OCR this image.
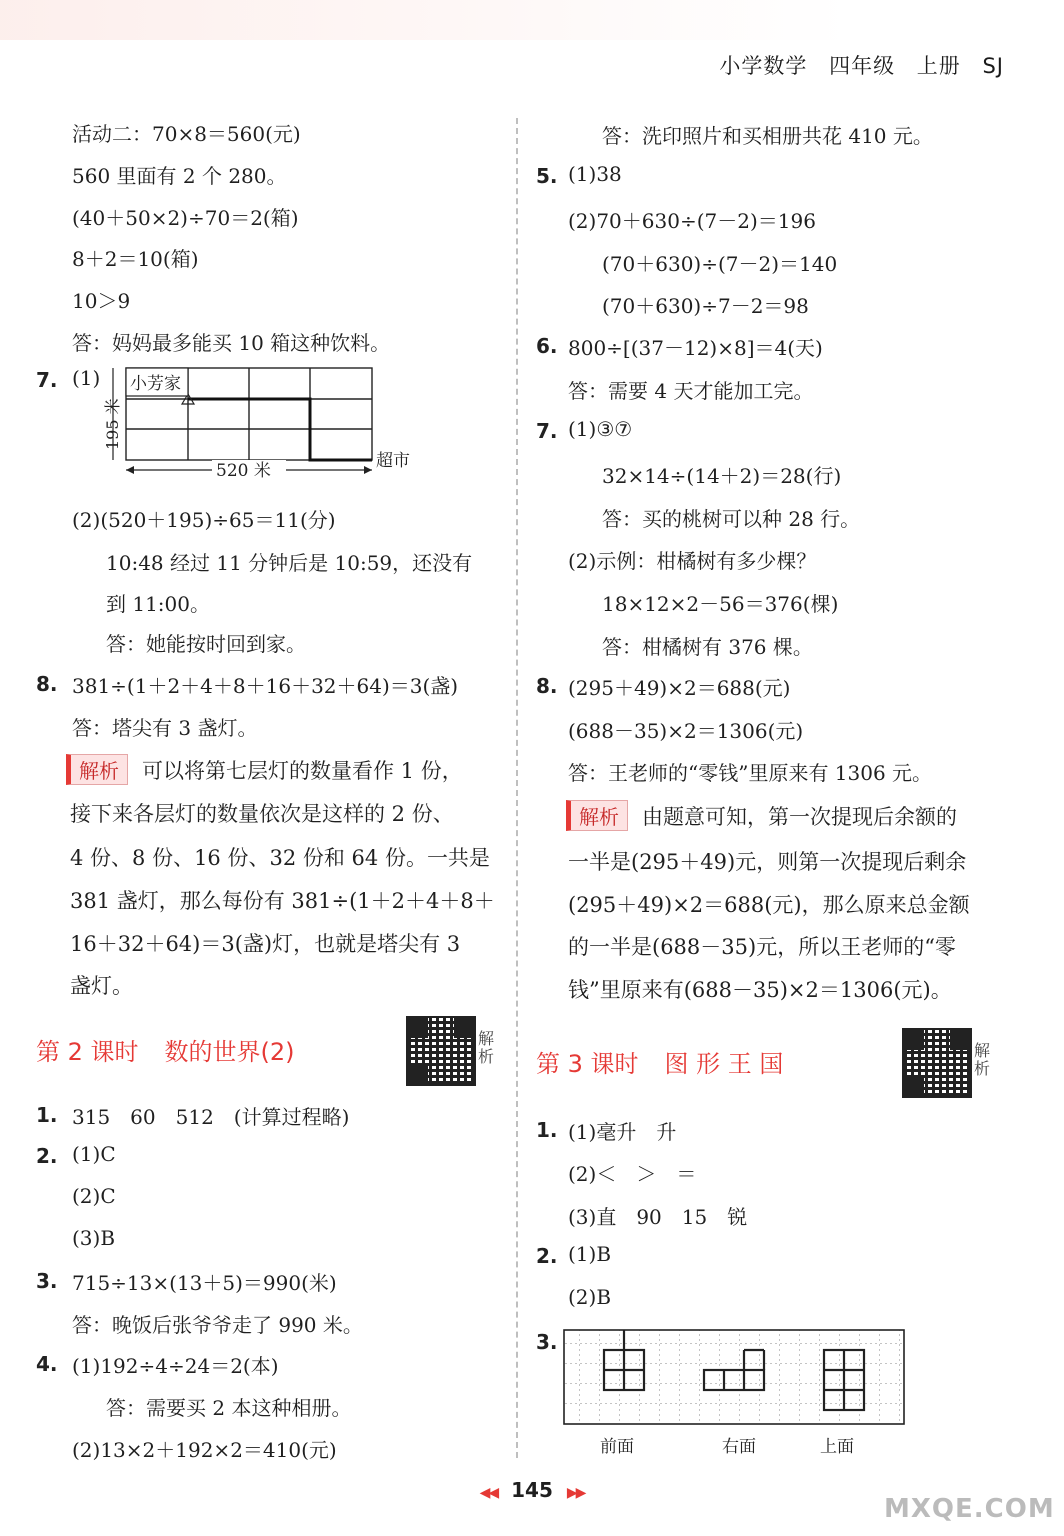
小学数学 四年级 上册 SJ
活动二：70×8＝560(元)
560 里面有 2 个 280。
(40＋50×2)÷70＝2(箱)
8＋2＝10(箱)
10＞9
答：妈妈最多能买 10 箱这种饮料。
7. (1) 小芳家
195 米
520 米	超市
(2)(520＋195)÷65＝11(分)
10:48 经过 11 分钟后是 10:59，还没有
到 11:00。
答：她能按时回到家。
8. 381÷(1＋2＋4＋8＋16＋32＋64)＝3(盏)
答：塔尖有 3 盏灯。
解析 可以将第七层灯的数量看作 1 份，
接下来各层灯的数量依次是这样的 2 份、
4 份、8 份、16 份、32 份和 64 份。一共是
381 盏灯，那么每份有 381÷(1＋2＋4＋8＋
16＋32＋64)＝3(盏)灯，也就是塔尖有 3
盏灯。
第 2 课时 数的世界(2)	解析
1. 315　60　512　(计算过程略)
2. (1)C
(2)C
(3)B
3. 715÷13×(13＋5)＝990(米)
答：晚饭后张爷爷走了 990 米。
4. (1)192÷4÷24＝2(本)
答：需要买 2 本这种相册。
(2)13×2＋192×2＝410(元)
答：洗印照片和买相册共花 410 元。
5. (1)38
(2)70＋630÷(7－2)＝196
(70＋630)÷(7－2)＝140
(70＋630)÷7－2＝98
6. 800÷[(37－12)×8]＝4(天)
答：需要 4 天才能加工完。
7. (1)③⑦
32×14÷(14＋2)＝28(行)
答：买的桃树可以种 28 行。
(2)示例：柑橘树有多少棵？
18×12×2－56＝376(棵)
答：柑橘树有 376 棵。
8. (295＋49)×2＝688(元)
(688－35)×2＝1306(元)
答：王老师的“零钱”里原来有 1306 元。
解析 由题意可知，第一次提现后余额的
一半是(295＋49)元，则第一次提现后剩余
(295＋49)×2＝688(元)，那么原来总金额
的一半是(688－35)元，所以王老师的“零
钱”里原来有(688－35)×2＝1306(元)。
第 3 课时 图 形 王 国	解析
1. (1)毫升　升
(2)＜　＞　＝
(3)直　90　15　锐
2. (1)B
(2)B
3.
前面	右面	上面
◀◀ 145 ▶▶
MXQE.COM
